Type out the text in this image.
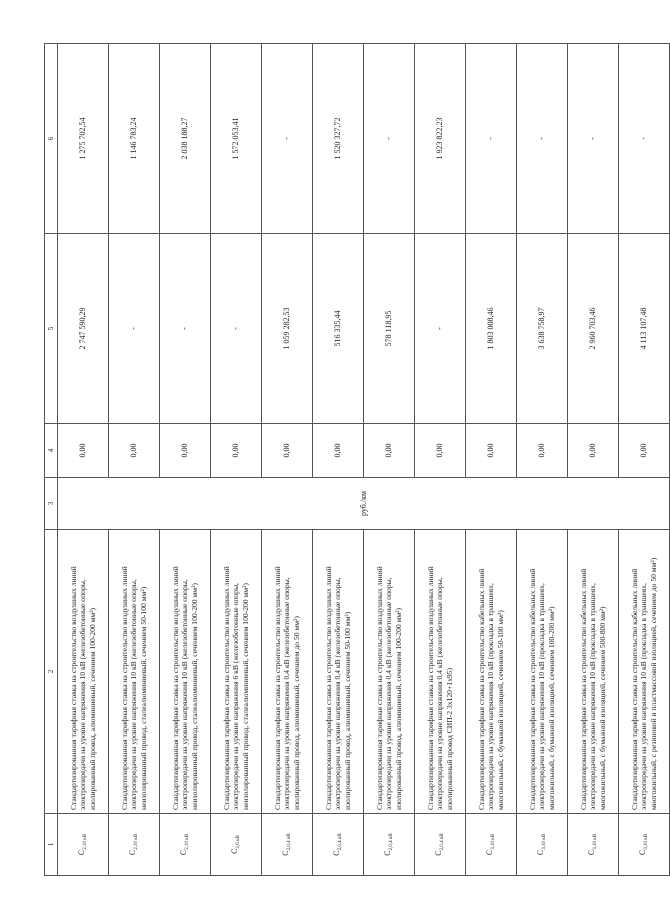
1	2	3	4	5	6
$C_{2,10 кВ}$	Стандартизированная тарифная ставка на строительство воздушных линий электропередачи на уровне напряжения 10 кВ (железобетонные опоры, изолированный провод, алюминиевый, сечением 100-200 мм²)	руб./км	0,00	2 747 590,29	1 275 702,54
$C_{2,10 кВ}$	Стандартизированная тарифная ставка на строительство воздушных линий электропередачи на уровне напряжения 10 кВ (железобетонные опоры, неизолированный провод, сталеалюминиевый, сечением 50-100 мм²)		0,00	-	1 146 783,24
$C_{2,10 кВ}$	Стандартизированная тарифная ставка на строительство воздушных линий электропередачи на уровне напряжения 10 кВ (железобетонные опоры, неизолированный провод, сталеалюминиевый, сечением 100-200 мм²)		0,00	-	2 038 188,27
$C_{2,6 кВ}$	Стандартизированная тарифная ставка на строительство воздушных линий электропередачи на уровне напряжения 6 кВ (железобетонные опоры, неизолированный провод, сталеалюминиевый, сечением 100-200 мм²)		0,00	-	1 572 053,41
$C_{2,0,4 кВ}$	Стандартизированная тарифная ставка на строительство воздушных линий электропередачи на уровне напряжения 0,4 кВ (железобетонные опоры, изолированный провод, алюминиевый, сечением до 50 мм²)		0,00	1 059 282,53	-
$C_{2,0,4 кВ}$	Стандартизированная тарифная ставка на строительство воздушных линий электропередачи на уровне напряжения 0,4 кВ (железобетонные опоры, изолированный провод, алюминиевый, сечением 50-100 мм²)		0,00	516 335,44	1 520 327,72
$C_{2,0,4 кВ}$	Стандартизированная тарифная ставка на строительство воздушных линий электропередачи на уровне напряжения 0,4 кВ (железобетонные опоры, изолированный провод, алюминиевый, сечением 100-200 мм²)		0,00	578 118,95	-
$C_{2,0,4 кВ}$	Стандартизированная тарифная ставка на строительство воздушных линий электропередачи на уровне напряжения 0,4 кВ (железобетонные опоры, изолированный провод СИП-2 3х120+1х95)		0,00	-	1 923 822,23
$C_{3,10 кВ}$	Стандартизированная тарифная ставка на строительство кабельных линий электропередачи на уровне напряжения 10 кВ (прокладка в траншеях, многожильный, с бумажной изоляцией, сечением 50-100 мм²)		0,00	1 803 008,46	-
$C_{3,10 кВ}$	Стандартизированная тарифная ставка на строительство кабельных линий электропередачи на уровне напряжения 10 кВ (прокладка в траншеях, многожильный, с бумажной изоляцией, сечением 100-200 мм²)		0,00	3 638 758,97	-
$C_{3,10 кВ}$	Стандартизированная тарифная ставка на строительство кабельных линий электропередачи на уровне напряжения 10 кВ (прокладка в траншеях, многожильный, с бумажной изоляцией, сечением 500-800 мм²)		0,00	2 960 703,46	-
$C_{3,10 кВ}$	Стандартизированная тарифная ставка на строительство кабельных линий электропередачи на уровне напряжения 10 кВ (прокладка в траншеях, многожильный, с резиновой и пластмассовой изоляцией, сечением до 50 мм²)		0,00	4 113 107,48	-
